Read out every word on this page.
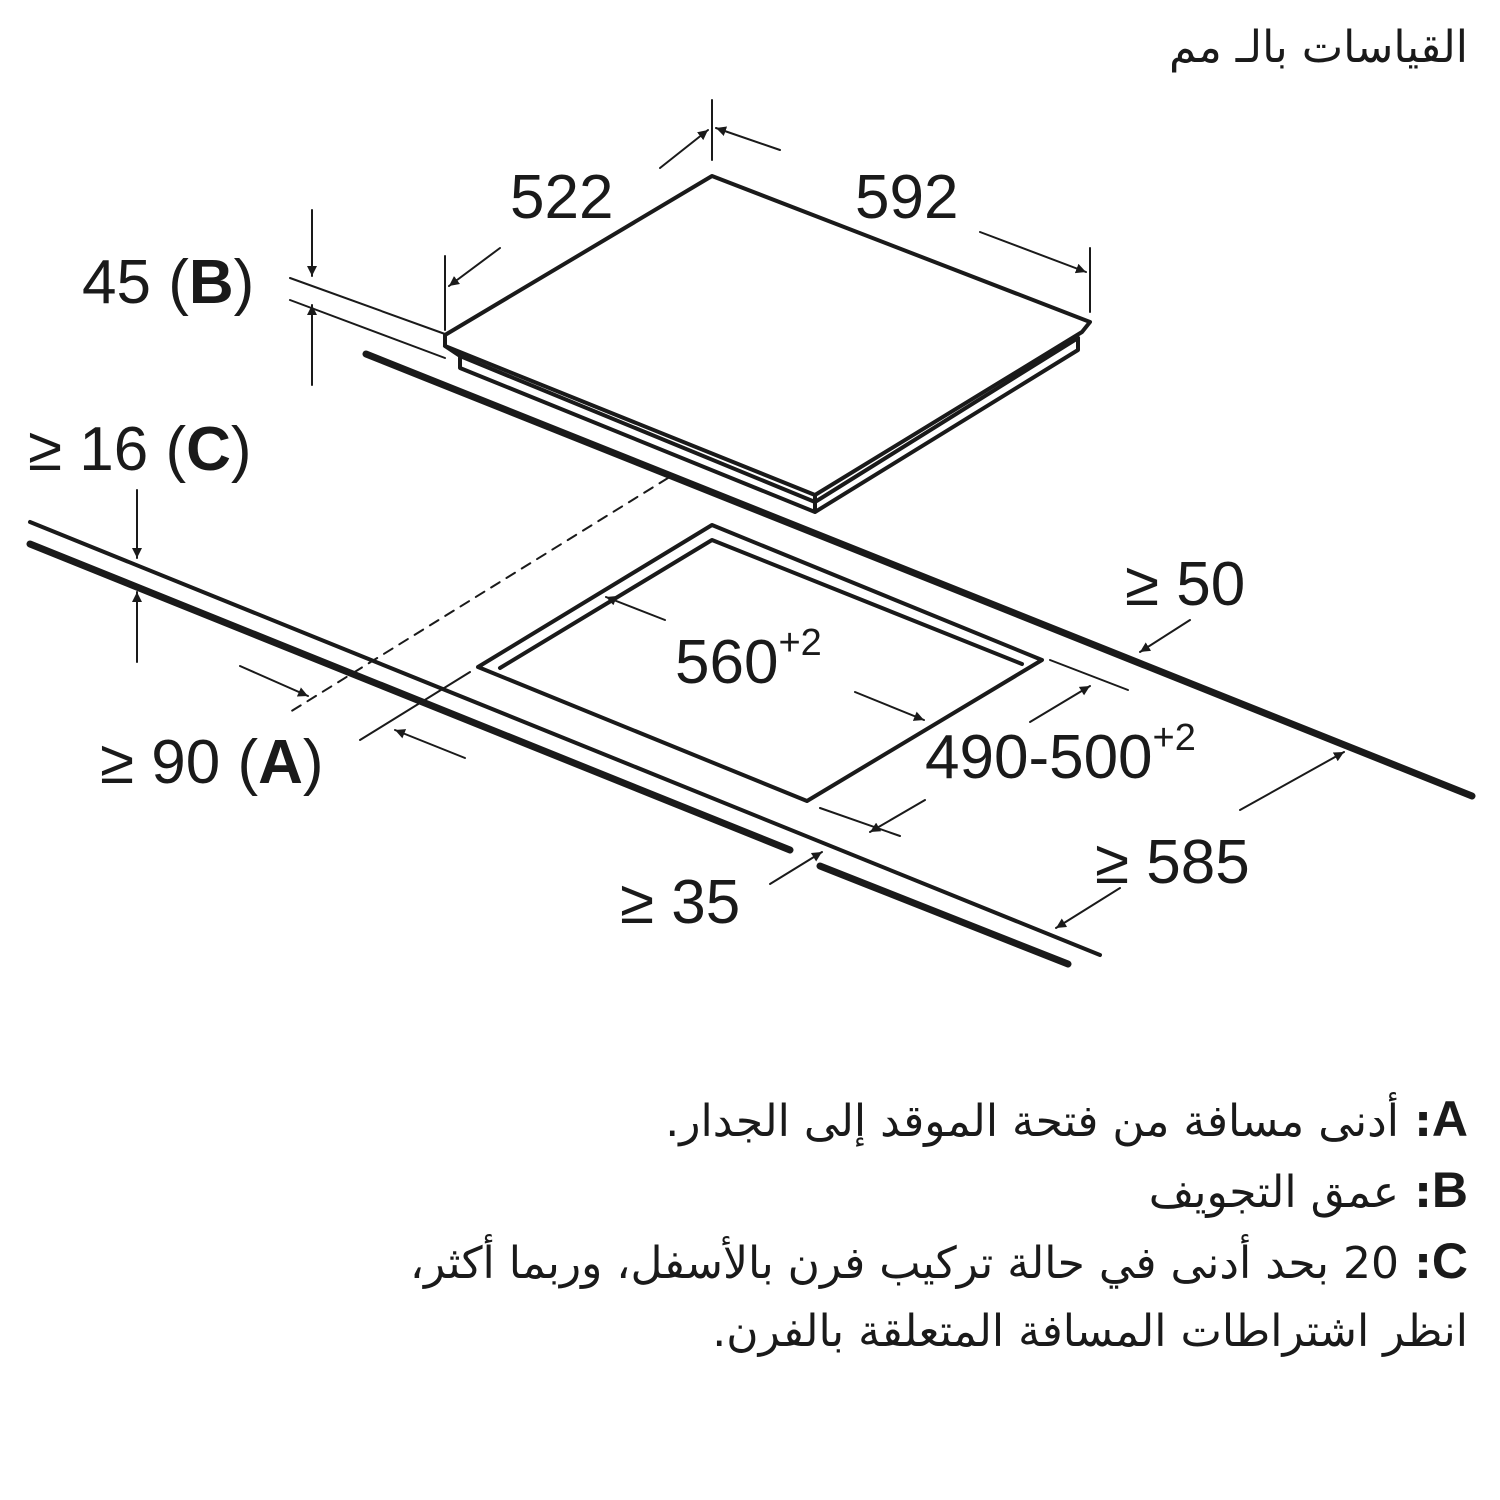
القياسات بالـ مم
522	592
45 (B)
≥ 16 (C)
≥ 50
$560^{+2}$
$490-500^{+2}$
≥ 90 (A)
≥ 585
≥ 35
A: أدنى مسافة من فتحة الموقد إلى الجدار.
B: عمق التجويف
C: 20 بحد أدنى في حالة تركيب فرن بالأسفل، وربما أكثر،
انظر اشتراطات المسافة المتعلقة بالفرن.
